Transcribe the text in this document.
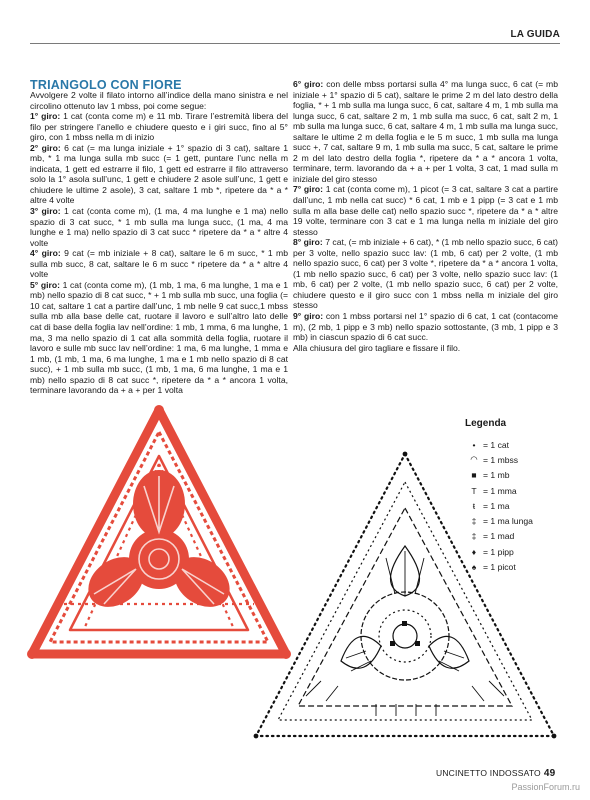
LA GUIDA
TRIANGOLO CON FIORE

Avvolgere 2 volte il filato intorno all’indice della mano sinistra e nel circolino ottenuto lav 1 mbss, poi come segue:

1° giro: 1 cat (conta come m) e 11 mb. Tirare l’estremità libera del filo per stringere l’anello e chiudere questo e i giri succ, fino al 5° giro, con 1 mbss nella m di inizio

2° giro: 6 cat (= ma lunga iniziale + 1° spazio di 3 cat), saltare 1 mb, * 1 ma lunga sulla mb succ (= 1 gett, puntare l’unc nella m indicata, 1 gett ed estrarre il filo, 1 gett ed estrarre il filo attraverso solo la 1° asola sull’unc, 1 gett e chiudere 2 asole sull’unc, 1 gett e chiudere le ultime 2 asole), 3 cat, saltare 1 mb *, ripetere da * a * altre 4 volte

3° giro: 1 cat (conta come m), (1 ma, 4 ma lunghe e 1 ma) nello spazio di 3 cat succ, * 1 mb sulla ma lunga succ, (1 ma, 4 ma lunghe e 1 ma) nello spazio di 3 cat succ * ripetere da * a * altre 4 volte

4° giro: 9 cat (= mb iniziale + 8 cat), saltare le 6 m succ, * 1 mb sulla mb succ, 8 cat, saltare le 6 m succ * ripetere da * a * altre 4 volte

5° giro: 1 cat (conta come m), (1 mb, 1 ma, 6 ma lunghe, 1 ma e 1 mb) nello spazio di 8 cat succ, * + 1 mb sulla mb succ, una foglia (= 10 cat, saltare 1 cat a partire dall’unc, 1 mb nelle 9 cat succ,1 mbss sulla mb alla base delle cat, ruotare il lavoro e sull’altro lato delle cat di base della foglia lav nell’ordine: 1 mb, 1 mma, 6 ma lunghe, 1 ma, 3 ma nello spazio di 1 cat alla sommità della foglia, ruotare il lavoro e sulle mb succ lav nell’ordine: 1 ma, 6 ma lunghe, 1 mma e 1 mb, (1 mb, 1 ma, 6 ma lunghe, 1 ma e 1 mb nello spazio di 8 cat succ), + 1 mb sulla mb succ, (1 mb, 1 ma, 6 ma lunghe, 1 ma e 1 mb) nello spazio di 8 cat succ *, ripetere da * a * ancora 1 volta, terminare lavorando da + a + per 1 volta

6° giro: con delle mbss portarsi sulla 4° ma lunga succ, 6 cat (= mb iniziale + 1° spazio di 5 cat), saltare le prime 2 m del lato destro della foglia, * + 1 mb sulla ma lunga succ, 6 cat, saltare 4 m, 1 mb sulla ma lunga succ, 6 cat, saltare 2 m, 1 mb sulla ma succ, 6 cat, salt 2 m, 1 mb sulla ma lunga succ, 6 cat, saltare 4 m, 1 mb sulla ma lunga succ, saltare le ultime 2 m della foglia e le 5 m succ, 1 mb sulla ma lunga succ +, 7 cat, saltare 9 m, 1 mb sulla ma succ, 5 cat, saltare le prime 2 m del lato destro della foglia *, ripetere da * a * ancora 1 volta, terminare, term. lavorando da + a + per 1 volta, 3 cat, 1 mad sulla m iniziale del giro stesso

7° giro: 1 cat (conta come m), 1 picot (= 3 cat, saltare 3 cat a partire dall’unc, 1 mb nella cat succ) * 6 cat, 1 mb e 1 pipp (= 3 cat e 1 mb sulla m alla base delle cat) nello spazio succ *, ripetere da * a * altre 19 volte, terminare con 3 cat e 1 ma lunga nella m iniziale del giro stesso

8° giro: 7 cat, (= mb iniziale + 6 cat), * (1 mb nello spazio succ, 6 cat) per 3 volte, nello spazio succ lav: (1 mb, 6 cat) per 2 volte, (1 mb nello spazio succ, 6 cat) per 3 volte *, ripetere da * a * ancora 1 volta, (1 mb nello spazio succ, 6 cat) per 3 volte, nello spazio succ lav: (1 mb, 6 cat) per 2 volte, (1 mb nello spazio succ, 6 cat) per 2 volte, chiudere questo e il giro succ con 1 mbss nella m iniziale del giro stesso

9° giro: con 1 mbss portarsi nel 1° spazio di 6 cat, 1 cat (contacome m), (2 mb, 1 pipp e 3 mb) nello spazio sottostante, (3 mb, 1 pipp e 3 mb) in ciascun spazio di 6 cat succ.

Alla chiusura del giro tagliare e fissare il filo.

Legenda
• = 1 cat
◠ = 1 mbss
■ = 1 mb
T = 1 mma
ŧ = 1 ma
‡ = 1 ma lunga
‡ = 1 mad
♦ = 1 pipp
♠ = 1 picot
UNCINETTO INDOSSATO 49
PassionForum.ru
